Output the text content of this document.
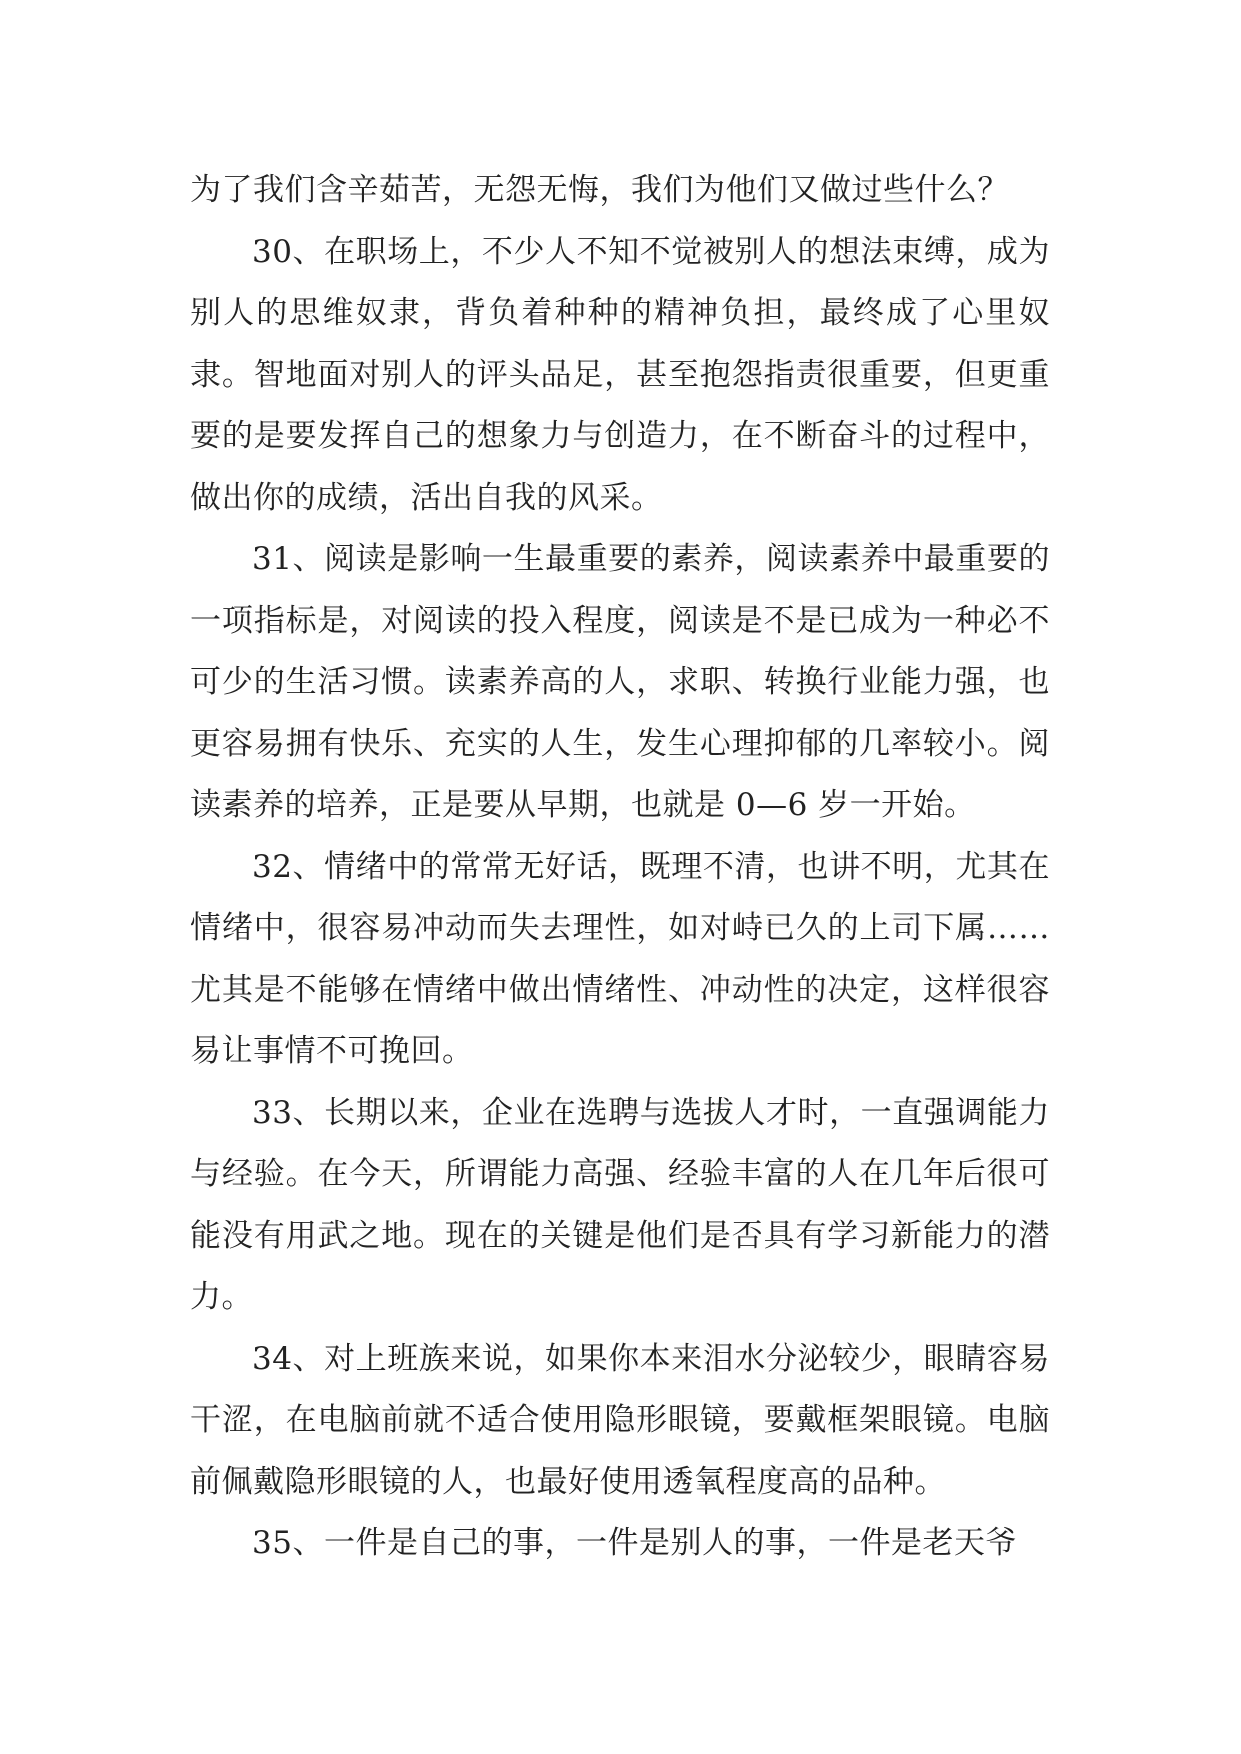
为了我们含辛茹苦，无怨无悔，我们为他们又做过些什么？

30、在职场上，不少人不知不觉被别人的想法束缚，成为别人的思维奴隶，背负着种种的精神负担，最终成了心里奴隶。智地面对别人的评头品足，甚至抱怨指责很重要，但更重要的是要发挥自己的想象力与创造力，在不断奋斗的过程中，做出你的成绩，活出自我的风采。

31、阅读是影响一生最重要的素养，阅读素养中最重要的一项指标是，对阅读的投入程度，阅读是不是已成为一种必不可少的生活习惯。读素养高的人，求职、转换行业能力强，也更容易拥有快乐、充实的人生，发生心理抑郁的几率较小。阅读素养的培养，正是要从早期，也就是 0—6 岁一开始。

32、情绪中的常常无好话，既理不清，也讲不明，尤其在情绪中，很容易冲动而失去理性，如对峙已久的上司下属……尤其是不能够在情绪中做出情绪性、冲动性的决定，这样很容易让事情不可挽回。

33、长期以来，企业在选聘与选拔人才时，一直强调能力与经验。在今天，所谓能力高强、经验丰富的人在几年后很可能没有用武之地。现在的关键是他们是否具有学习新能力的潜力。

34、对上班族来说，如果你本来泪水分泌较少，眼睛容易干涩，在电脑前就不适合使用隐形眼镜，要戴框架眼镜。电脑前佩戴隐形眼镜的人，也最好使用透氧程度高的品种。

35、一件是自己的事，一件是别人的事，一件是老天爷
